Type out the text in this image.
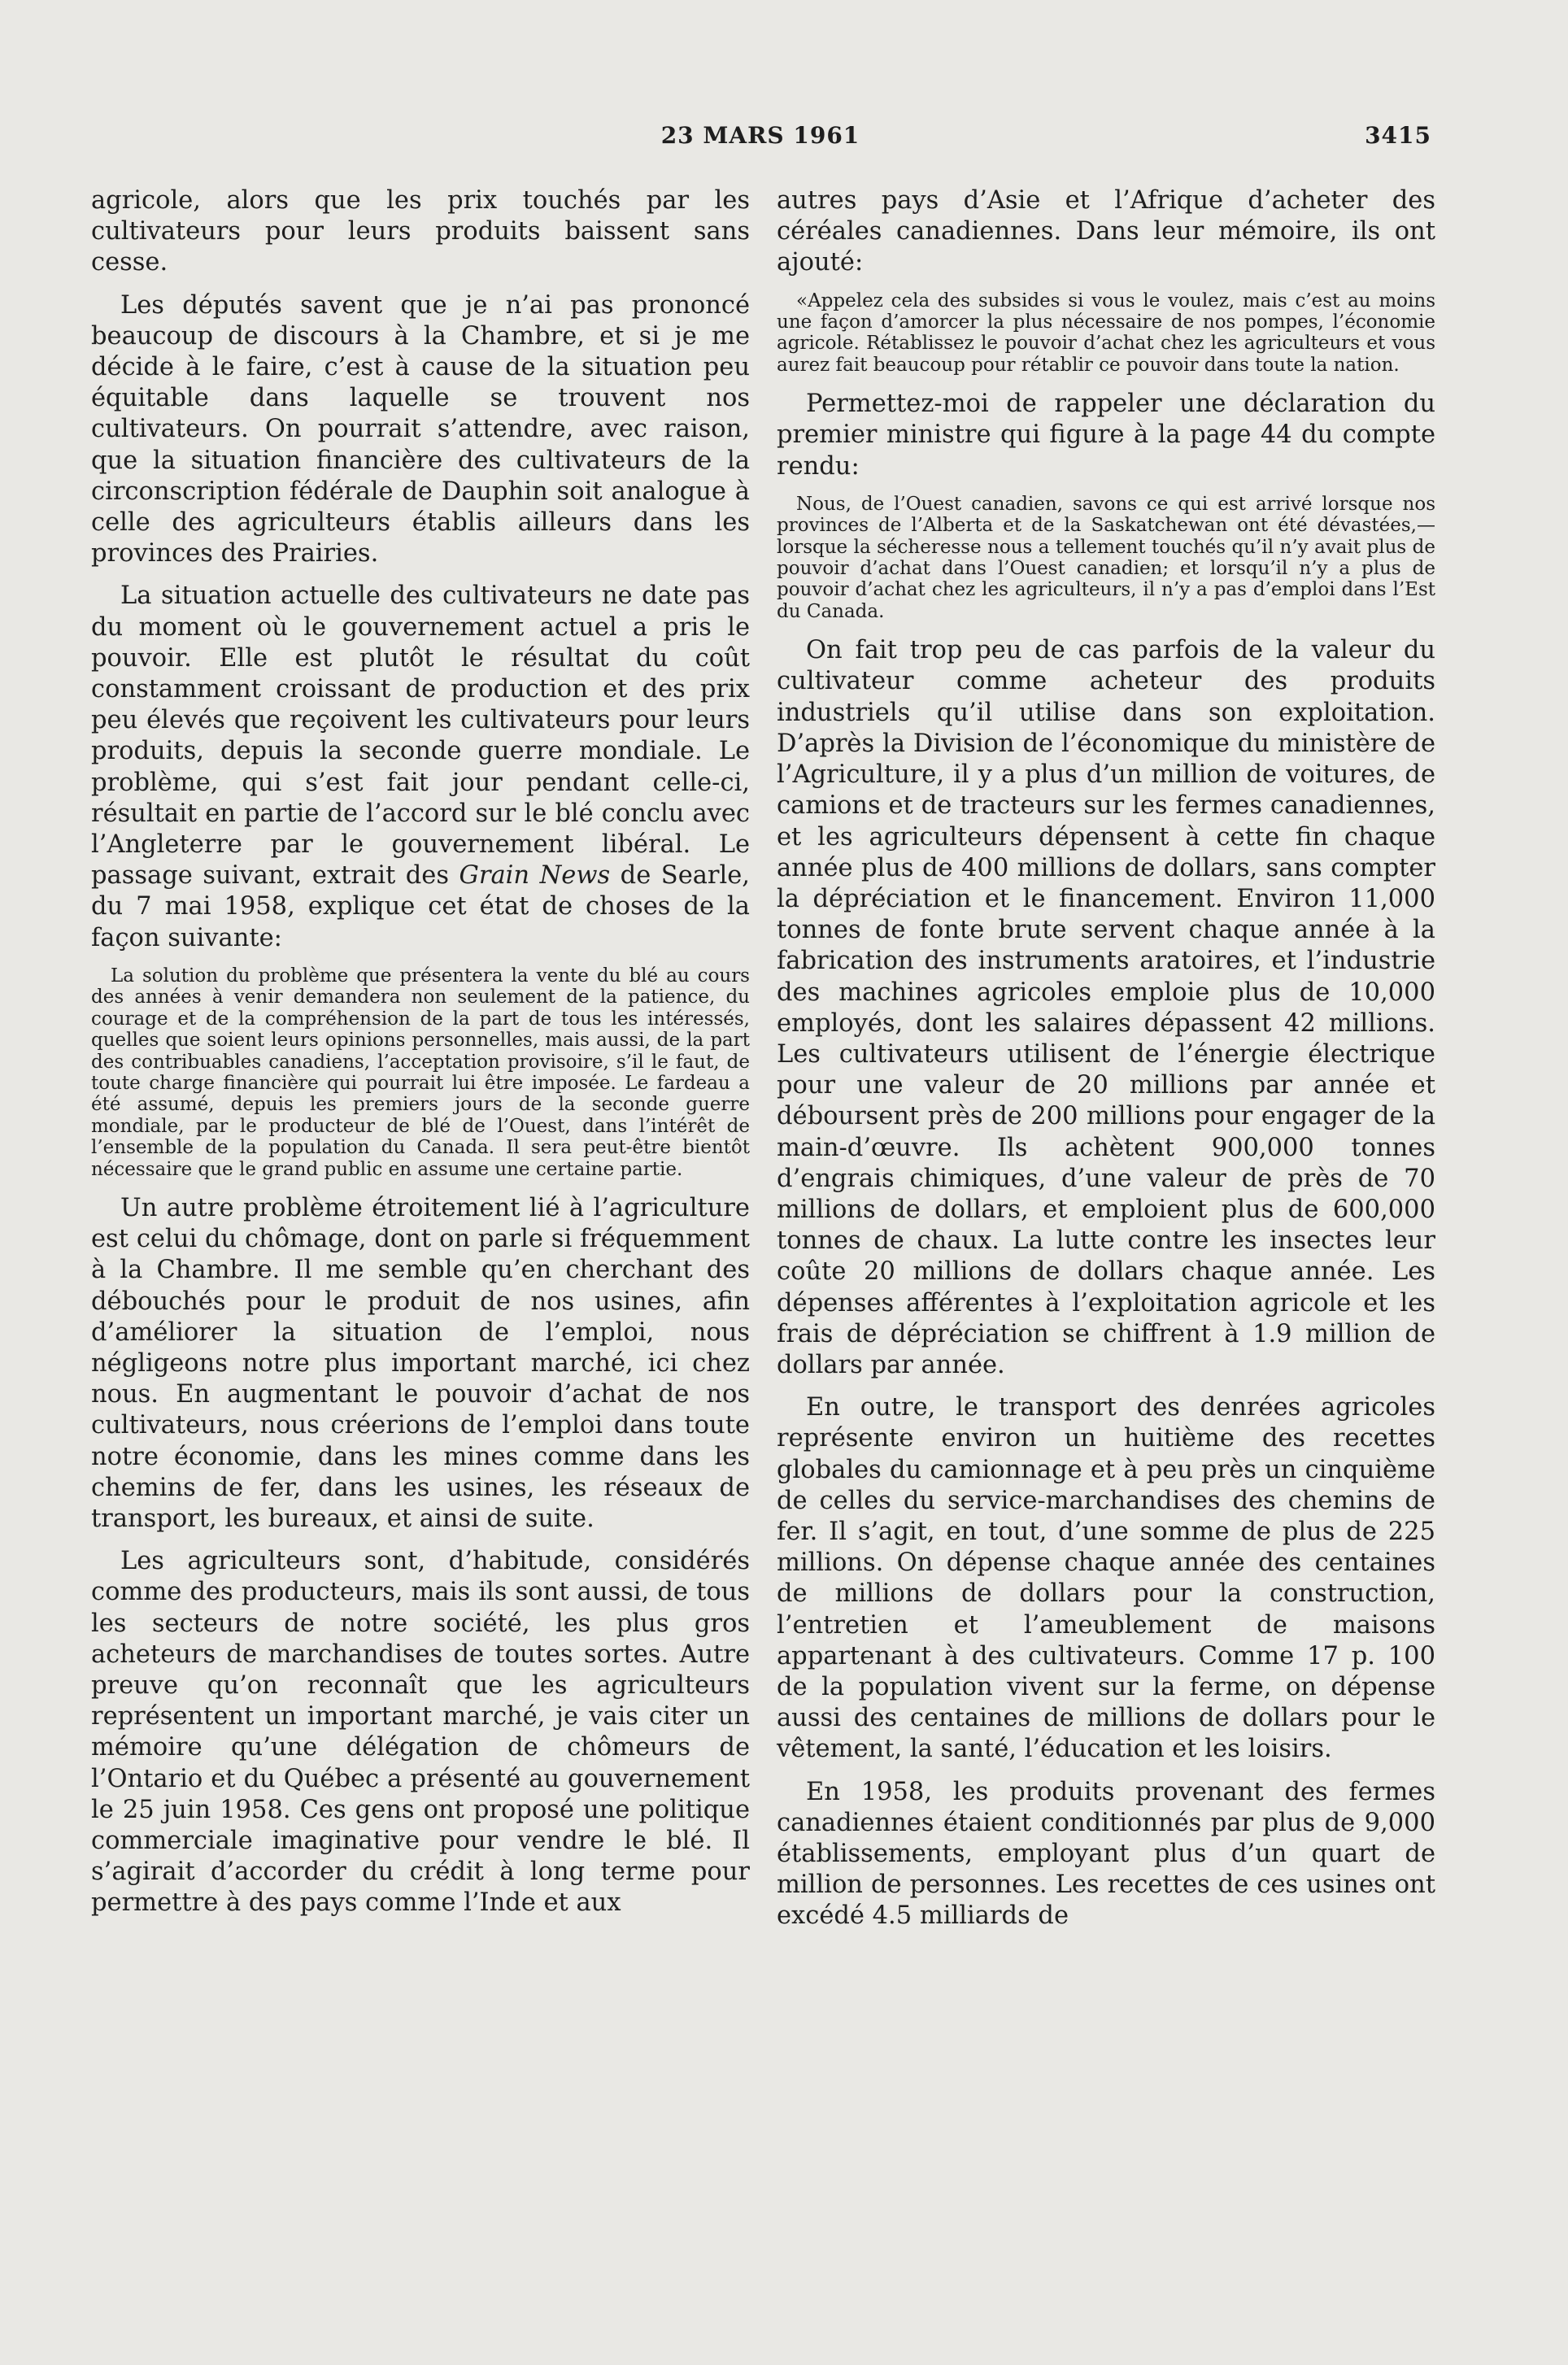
23 MARS 1961	3415

agricole, alors que les prix touchés par les cultivateurs pour leurs produits baissent sans cesse.

Les députés savent que je n’ai pas prononcé beaucoup de discours à la Chambre, et si je me décide à le faire, c’est à cause de la situation peu équitable dans laquelle se trouvent nos cultivateurs. On pourrait s’attendre, avec raison, que la situation financière des cultivateurs de la circonscription fédérale de Dauphin soit analogue à celle des agriculteurs établis ailleurs dans les provinces des Prairies.

La situation actuelle des cultivateurs ne date pas du moment où le gouvernement actuel a pris le pouvoir. Elle est plutôt le résultat du coût constamment croissant de production et des prix peu élevés que reçoivent les cultivateurs pour leurs produits, depuis la seconde guerre mondiale. Le problème, qui s’est fait jour pendant celle-ci, résultait en partie de l’accord sur le blé conclu avec l’Angleterre par le gouvernement libéral. Le passage suivant, extrait des Grain News de Searle, du 7 mai 1958, explique cet état de choses de la façon suivante:

La solution du problème que présentera la vente du blé au cours des années à venir demandera non seulement de la patience, du courage et de la compréhension de la part de tous les intéressés, quelles que soient leurs opinions personnelles, mais aussi, de la part des contribuables canadiens, l’acceptation provisoire, s’il le faut, de toute charge financière qui pourrait lui être imposée. Le fardeau a été assumé, depuis les premiers jours de la seconde guerre mondiale, par le producteur de blé de l’Ouest, dans l’intérêt de l’ensemble de la population du Canada. Il sera peut-être bientôt nécessaire que le grand public en assume une certaine partie.

Un autre problème étroitement lié à l’agriculture est celui du chômage, dont on parle si fréquemment à la Chambre. Il me semble qu’en cherchant des débouchés pour le produit de nos usines, afin d’améliorer la situation de l’emploi, nous négligeons notre plus important marché, ici chez nous. En augmentant le pouvoir d’achat de nos cultivateurs, nous créerions de l’emploi dans toute notre économie, dans les mines comme dans les chemins de fer, dans les usines, les réseaux de transport, les bureaux, et ainsi de suite.

Les agriculteurs sont, d’habitude, considérés comme des producteurs, mais ils sont aussi, de tous les secteurs de notre société, les plus gros acheteurs de marchandises de toutes sortes. Autre preuve qu’on reconnaît que les agriculteurs représentent un important marché, je vais citer un mémoire qu’une délégation de chômeurs de l’Ontario et du Québec a présenté au gouvernement le 25 juin 1958. Ces gens ont proposé une politique commerciale imaginative pour vendre le blé. Il s’agirait d’accorder du crédit à long terme pour permettre à des pays comme l’Inde et aux

autres pays d’Asie et l’Afrique d’acheter des céréales canadiennes. Dans leur mémoire, ils ont ajouté:

«Appelez cela des subsides si vous le voulez, mais c’est au moins une façon d’amorcer la plus nécessaire de nos pompes, l’économie agricole. Rétablissez le pouvoir d’achat chez les agriculteurs et vous aurez fait beaucoup pour rétablir ce pouvoir dans toute la nation.

Permettez-moi de rappeler une déclaration du premier ministre qui figure à la page 44 du compte rendu:

Nous, de l’Ouest canadien, savons ce qui est arrivé lorsque nos provinces de l’Alberta et de la Saskatchewan ont été dévastées,—lorsque la sécheresse nous a tellement touchés qu’il n’y avait plus de pouvoir d’achat dans l’Ouest canadien; et lorsqu’il n’y a plus de pouvoir d’achat chez les agriculteurs, il n’y a pas d’emploi dans l’Est du Canada.

On fait trop peu de cas parfois de la valeur du cultivateur comme acheteur des produits industriels qu’il utilise dans son exploitation. D’après la Division de l’économique du ministère de l’Agriculture, il y a plus d’un million de voitures, de camions et de tracteurs sur les fermes canadiennes, et les agriculteurs dépensent à cette fin chaque année plus de 400 millions de dollars, sans compter la dépréciation et le financement. Environ 11,000 tonnes de fonte brute servent chaque année à la fabrication des instruments aratoires, et l’industrie des machines agricoles emploie plus de 10,000 employés, dont les salaires dépassent 42 millions. Les cultivateurs utilisent de l’énergie électrique pour une valeur de 20 millions par année et déboursent près de 200 millions pour engager de la main-d’œuvre. Ils achètent 900,000 tonnes d’engrais chimiques, d’une valeur de près de 70 millions de dollars, et emploient plus de 600,000 tonnes de chaux. La lutte contre les insectes leur coûte 20 millions de dollars chaque année. Les dépenses afférentes à l’exploitation agricole et les frais de dépréciation se chiffrent à 1.9 million de dollars par année.

En outre, le transport des denrées agricoles représente environ un huitième des recettes globales du camionnage et à peu près un cinquième de celles du service-marchandises des chemins de fer. Il s’agit, en tout, d’une somme de plus de 225 millions. On dépense chaque année des centaines de millions de dollars pour la construction, l’entretien et l’ameublement de maisons appartenant à des cultivateurs. Comme 17 p. 100 de la population vivent sur la ferme, on dépense aussi des centaines de millions de dollars pour le vêtement, la santé, l’éducation et les loisirs.

En 1958, les produits provenant des fermes canadiennes étaient conditionnés par plus de 9,000 établissements, employant plus d’un quart de million de personnes. Les recettes de ces usines ont excédé 4.5 milliards de
